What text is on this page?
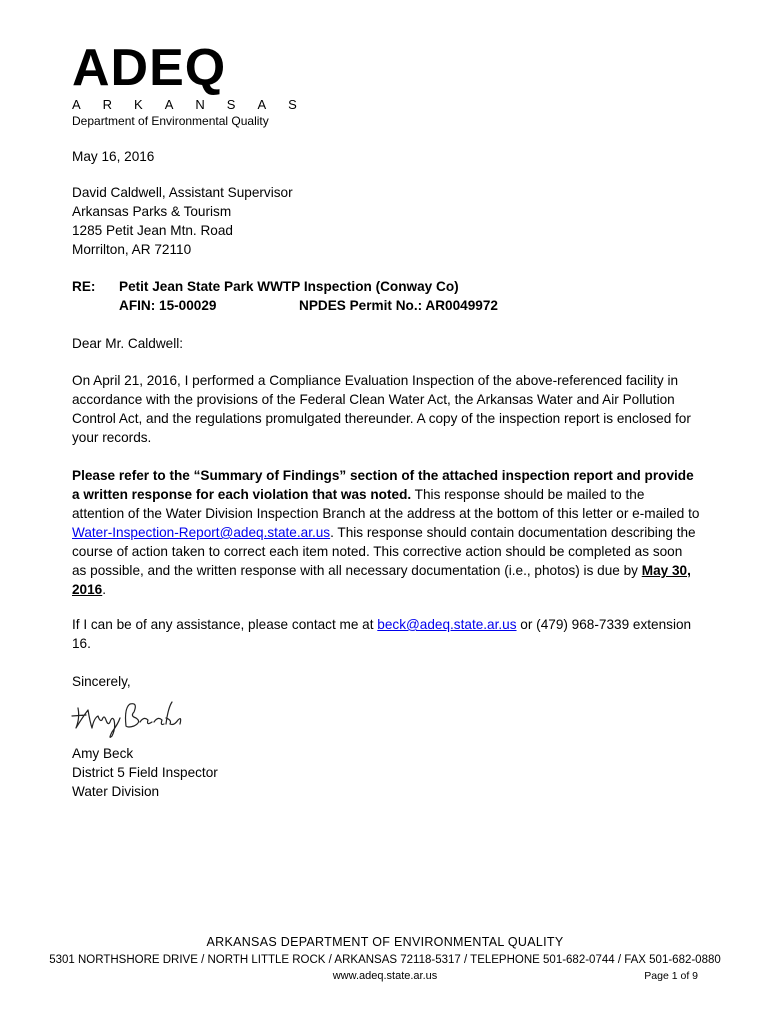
ADEQ
ARKANSAS
Department of Environmental Quality
May 16, 2016
David Caldwell, Assistant Supervisor
Arkansas Parks & Tourism
1285 Petit Jean Mtn. Road
Morrilton, AR 72110
RE: Petit Jean State Park WWTP Inspection (Conway Co)
AFIN: 15-00029	NPDES Permit No.: AR0049972
Dear Mr. Caldwell:
On April 21, 2016, I performed a Compliance Evaluation Inspection of the above-referenced facility in accordance with the provisions of the Federal Clean Water Act, the Arkansas Water and Air Pollution Control Act, and the regulations promulgated thereunder. A copy of the inspection report is enclosed for your records.
Please refer to the “Summary of Findings” section of the attached inspection report and provide a written response for each violation that was noted. This response should be mailed to the attention of the Water Division Inspection Branch at the address at the bottom of this letter or e-mailed to Water-Inspection-Report@adeq.state.ar.us. This response should contain documentation describing the course of action taken to correct each item noted. This corrective action should be completed as soon as possible, and the written response with all necessary documentation (i.e., photos) is due by May 30, 2016.
If I can be of any assistance, please contact me at beck@adeq.state.ar.us or (479) 968-7339 extension 16.
Sincerely,
Amy Beck
District 5 Field Inspector
Water Division
ARKANSAS DEPARTMENT OF ENVIRONMENTAL QUALITY
5301 NORTHSHORE DRIVE / NORTH LITTLE ROCK / ARKANSAS 72118-5317 / TELEPHONE 501-682-0744 / FAX 501-682-0880
www.adeq.state.ar.us	Page 1 of 9
